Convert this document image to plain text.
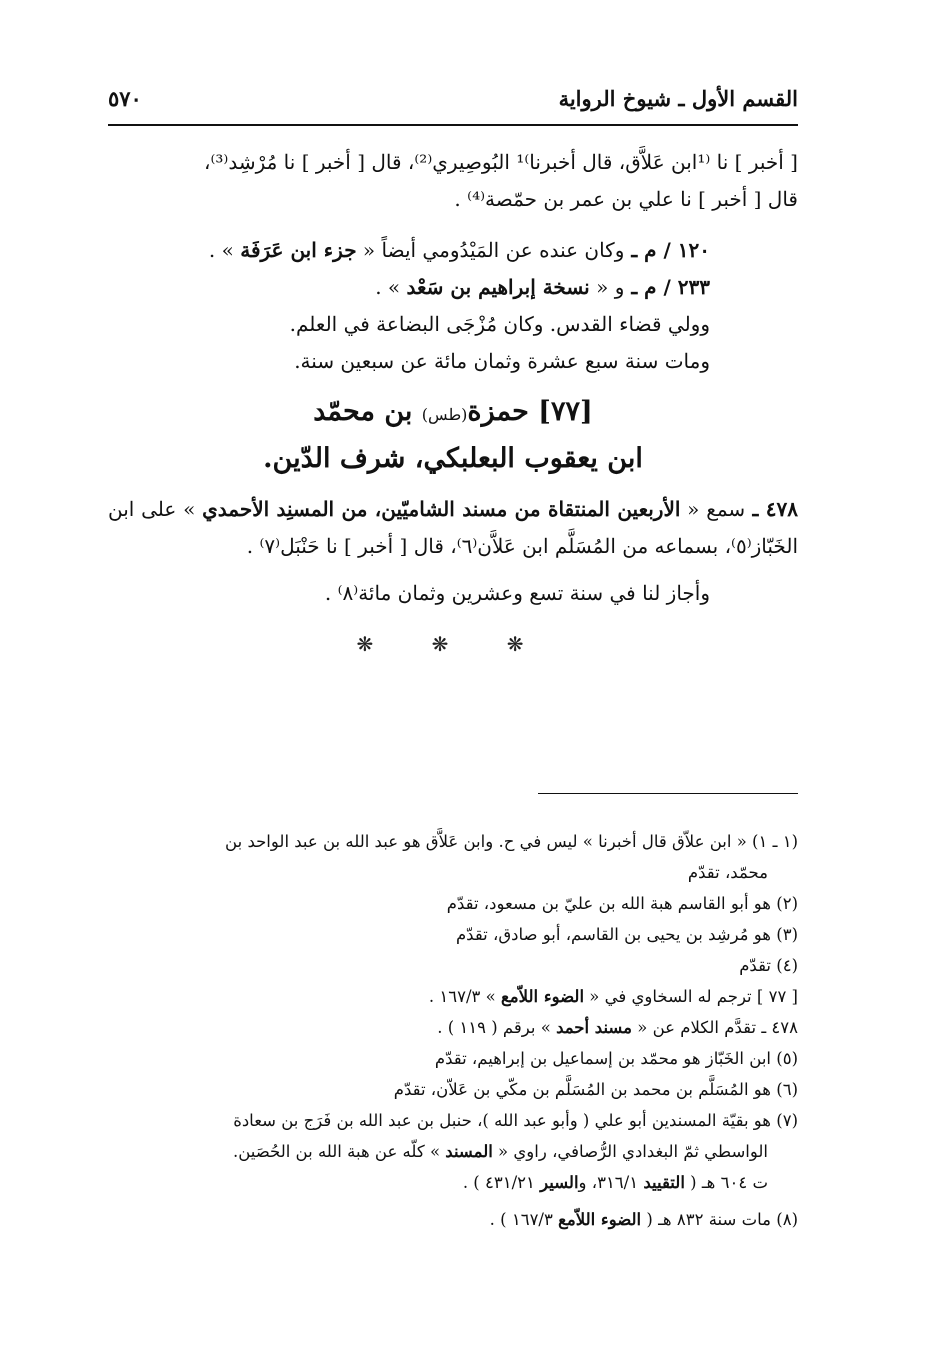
القسم الأول ـ شيوخ الرواية
٥٧٠

[ أخبر ] نا ⁽¹ابن عَلاَّق، قال أخبرنا⁾¹ البُوصِيري⁽²⁾، قال [ أخبر ] نا مُرْشِد⁽³⁾،

قال [ أخبر ] نا علي بن عمر بن حمّصة⁽⁴⁾ .

١٢٠ / م ـ وكان عنده عن المَيْدُومي أيضاً « جزء ابن عَرَفَة » .

٢٣٣ / م ـ و « نسخة إبراهيم بن سَعْد » .

وولي قضاء القدس. وكان مُزْجَى البضاعة في العلم.

ومات سنة سبع عشرة وثمان مائة عن سبعين سنة.

[٧٧] حمزة(طس) بن محمّد

ابن يعقوب البعلبكي، شرف الدّين.

٤٧٨ ـ سمع « الأربعين المنتقاة من مسند الشاميّين، من المسنِد الأحمدي » على ابن الخَبّاز⁽٥⁾، بسماعه من المُسَلَّم ابن عَلاَّن⁽٦⁾، قال [ أخبر ] نا حَنْبَل⁽٧⁾ .

وأجاز لنا في سنة تسع وعشرين وثمان مائة⁽٨⁾ .

❋ ❋ ❋

(١ ـ ١) « ابن علاّق قال أخبرنا » ليس في ح. وابن عَلاَّق هو عبد الله بن عبد الواحد بن

محمّد، تقدّم

(٢) هو أبو القاسم هبة الله بن عليّ بن مسعود، تقدّم

(٣) هو مُرشِد بن يحيى بن القاسم، أبو صادق، تقدّم

(٤) تقدّم

[ ٧٧ ] ترجم له السخاوي في « الضوء اللاّمع » ١٦٧/٣ .

٤٧٨ ـ تقدَّم الكلام عن « مسند أحمد » برقم ( ١١٩ ) .

(٥) ابن الخَبّاز هو محمّد بن إسماعيل بن إبراهيم، تقدّم

(٦) هو المُسَلَّم بن محمد بن المُسَلَّم بن مكّي بن عَلاّن، تقدّم

(٧) هو بقيّة المسندين أبو علي ( وأبو عبد الله )، حنبل بن عبد الله بن فَرَج بن سعادة

الواسطي ثمّ البغدادي الرُّصافي، راوي « المسند » كلّه عن هبة الله بن الحُصَين.

ت ٦٠٤ هـ ( التقييد ٣١٦/١، والسير ٤٣١/٢١ ) .

(٨) مات سنة ٨٣٢ هـ ( الضوء اللاّمع ١٦٧/٣ ) .
